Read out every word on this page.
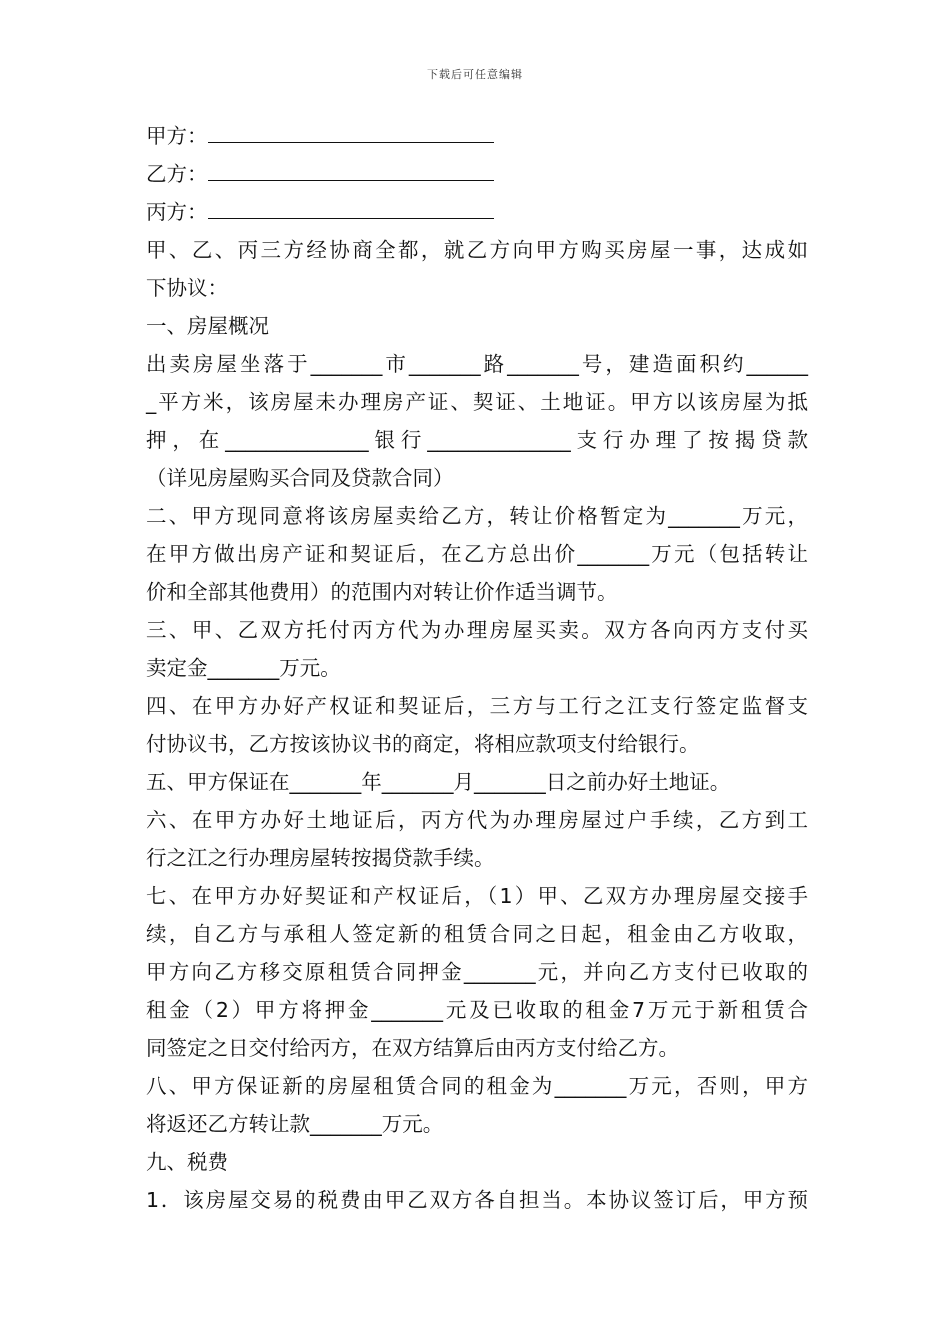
下载后可任意编辑
甲方：
乙方：
丙方：
甲、乙、丙三方经协商全都，就乙方向甲方购买房屋一事，达成如
下协议：
一、房屋概况
出卖房屋坐落于_______市_______路_______号，建造面积约______
_平方米，该房屋未办理房产证、契证、土地证。甲方以该房屋为抵
押，在______________银行______________支行办理了按揭贷款
（详见房屋购买合同及贷款合同）
二、甲方现同意将该房屋卖给乙方，转让价格暂定为_______万元，
在甲方做出房产证和契证后，在乙方总出价_______万元（包括转让
价和全部其他费用）的范围内对转让价作适当调节。
三、甲、乙双方托付丙方代为办理房屋买卖。双方各向丙方支付买
卖定金_______万元。
四、在甲方办好产权证和契证后，三方与工行之江支行签定监督支
付协议书，乙方按该协议书的商定，将相应款项支付给银行。
五、甲方保证在_______年_______月_______日之前办好土地证。
六、在甲方办好土地证后，丙方代为办理房屋过户手续，乙方到工
行之江之行办理房屋转按揭贷款手续。
七、在甲方办好契证和产权证后，（1）甲、乙双方办理房屋交接手
续，自乙方与承租人签定新的租赁合同之日起，租金由乙方收取，
甲方向乙方移交原租赁合同押金_______元，并向乙方支付已收取的
租金（2）甲方将押金_______元及已收取的租金7万元于新租赁合
同签定之日交付给丙方，在双方结算后由丙方支付给乙方。
八、甲方保证新的房屋租赁合同的租金为_______万元，否则，甲方
将返还乙方转让款_______万元。
九、税费
1．该房屋交易的税费由甲乙双方各自担当。本协议签订后，甲方预
